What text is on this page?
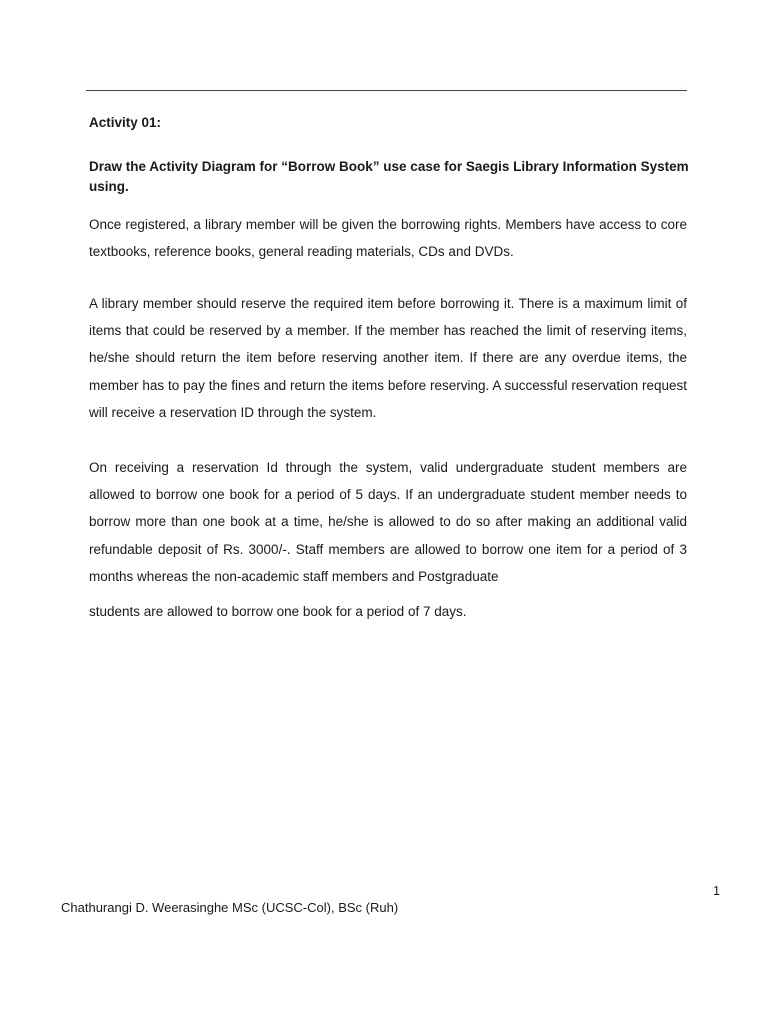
Activity 01:

Draw the Activity Diagram for “Borrow Book” use case for Saegis Library Information System using.

Once registered, a library member will be given the borrowing rights. Members have access to core textbooks, reference books, general reading materials, CDs and DVDs.

A library member should reserve the required item before borrowing it. There is a maximum limit of items that could be reserved by a member. If the member has reached the limit of reserving items, he/she should return the item before reserving another item. If there are any overdue items, the member has to pay the fines and return the items before reserving. A successful reservation request will receive a reservation ID through the system.

On receiving a reservation Id through the system, valid undergraduate student members are allowed to borrow one book for a period of 5 days. If an undergraduate student member needs to borrow more than one book at a time, he/she is allowed to do so after making an additional valid refundable deposit of Rs. 3000/-. Staff members are allowed to borrow one item for a period of 3 months whereas the non-academic staff members and Postgraduate

students are allowed to borrow one book for a period of 7 days.

1

Chathurangi D. Weerasinghe MSc (UCSC-Col), BSc (Ruh)
